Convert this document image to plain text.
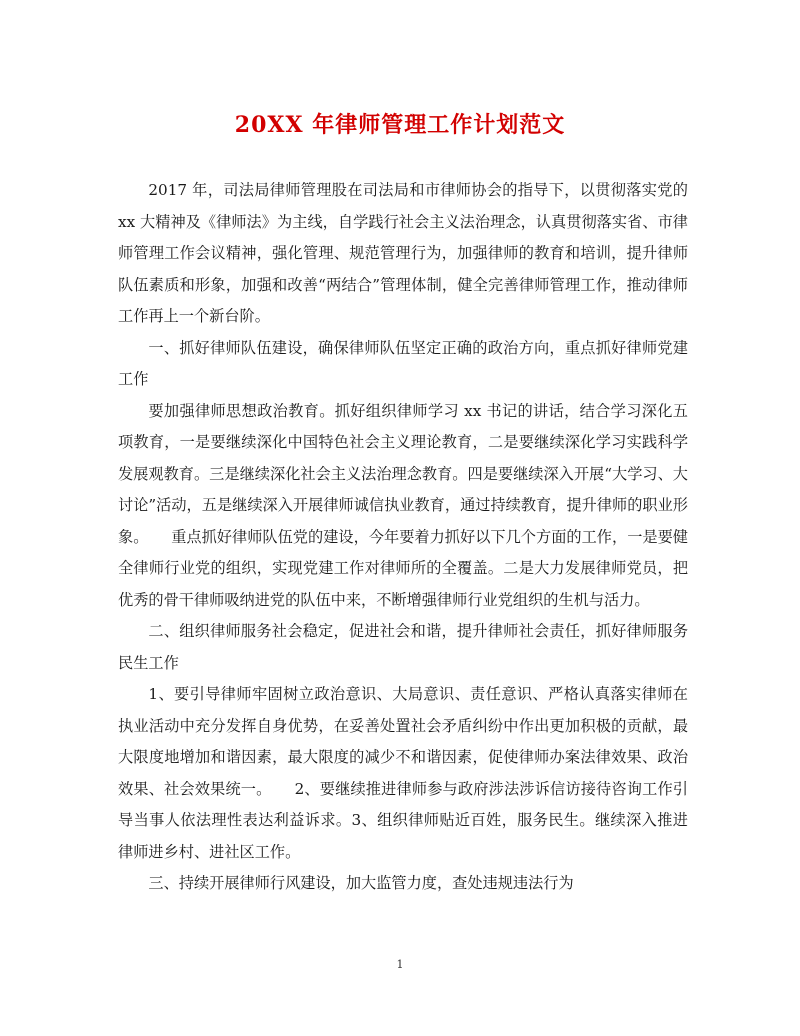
20XX 年律师管理工作计划范文

2017 年，司法局律师管理股在司法局和市律师协会的指导下，以贯彻落实党的 xx 大精神及《律师法》为主线，自学践行社会主义法治理念，认真贯彻落实省、市律师管理工作会议精神，强化管理、规范管理行为，加强律师的教育和培训，提升律师队伍素质和形象，加强和改善“两结合”管理体制，健全完善律师管理工作，推动律师工作再上一个新台阶。

一、抓好律师队伍建设，确保律师队伍坚定正确的政治方向，重点抓好律师党建工作

要加强律师思想政治教育。抓好组织律师学习 xx 书记的讲话，结合学习深化五项教育，一是要继续深化中国特色社会主义理论教育，二是要继续深化学习实践科学发展观教育。三是继续深化社会主义法治理念教育。四是要继续深入开展“大学习、大讨论”活动，五是继续深入开展律师诚信执业教育，通过持续教育，提升律师的职业形象。　　重点抓好律师队伍党的建设，今年要着力抓好以下几个方面的工作，一是要健全律师行业党的组织，实现党建工作对律师所的全覆盖。二是大力发展律师党员，把优秀的骨干律师吸纳进党的队伍中来，不断增强律师行业党组织的生机与活力。

二、组织律师服务社会稳定，促进社会和谐，提升律师社会责任，抓好律师服务民生工作

1、要引导律师牢固树立政治意识、大局意识、责任意识、严格认真落实律师在执业活动中充分发挥自身优势，在妥善处置社会矛盾纠纷中作出更加积极的贡献，最大限度地增加和谐因素，最大限度的减少不和谐因素，促使律师办案法律效果、政治效果、社会效果统一。　　2、要继续推进律师参与政府涉法涉诉信访接待咨询工作引导当事人依法理性表达利益诉求。3、组织律师贴近百姓，服务民生。继续深入推进律师进乡村、进社区工作。

三、持续开展律师行风建设，加大监管力度，查处违规违法行为

1
